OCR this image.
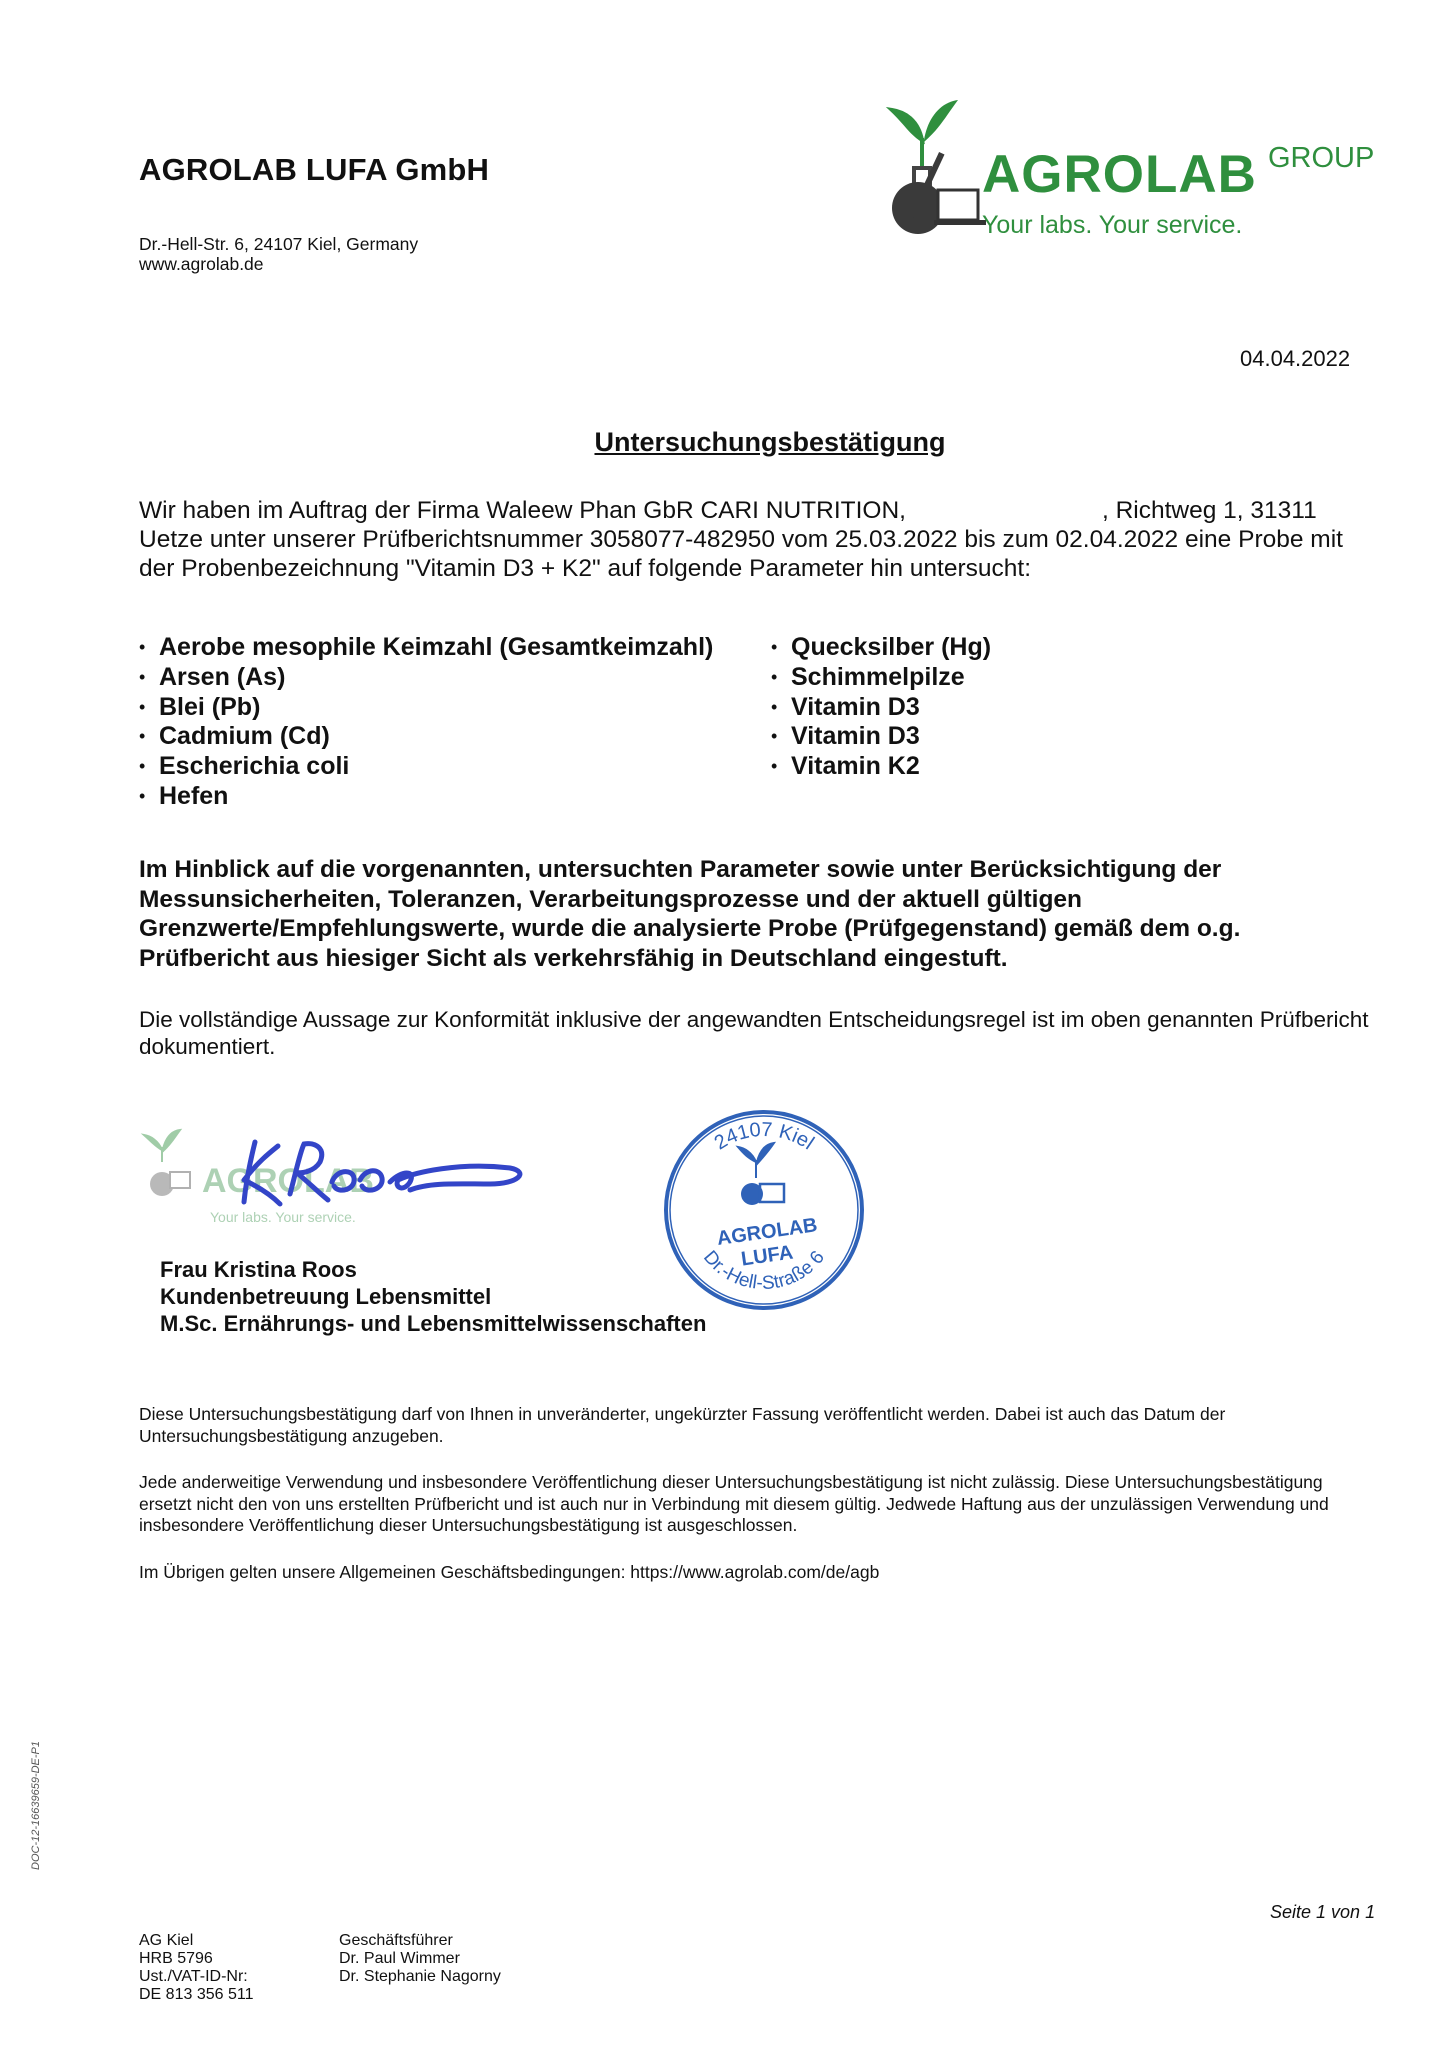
AGROLAB LUFA GmbH
Dr.-Hell-Str. 6, 24107 Kiel, Germany
www.agrolab.de
AGROLAB GROUP
Your labs. Your service.
04.04.2022
Untersuchungsbestätigung
Wir haben im Auftrag der Firma Waleew Phan GbR CARI NUTRITION,	, Richtweg 1, 31311 Uetze unter unserer Prüfberichtsnummer 3058077-482950 vom 25.03.2022 bis zum 02.04.2022 eine Probe mit der Probenbezeichnung "Vitamin D3 + K2" auf folgende Parameter hin untersucht:
• Aerobe mesophile Keimzahl (Gesamtkeimzahl)
• Arsen (As)
• Blei (Pb)
• Cadmium (Cd)
• Escherichia coli
• Hefen
• Quecksilber (Hg)
• Schimmelpilze
• Vitamin D3
• Vitamin D3
• Vitamin K2
Im Hinblick auf die vorgenannten, untersuchten Parameter sowie unter Berücksichtigung der Messunsicherheiten, Toleranzen, Verarbeitungsprozesse und der aktuell gültigen Grenzwerte/Empfehlungswerte, wurde die analysierte Probe (Prüfgegenstand) gemäß dem o.g. Prüfbericht aus hiesiger Sicht als verkehrsfähig in Deutschland eingestuft.
Die vollständige Aussage zur Konformität inklusive der angewandten Entscheidungsregel ist im oben genannten Prüfbericht dokumentiert.
AGROLAB
Your labs. Your service.
24107 Kiel
Dr.-Hell-Straße 6
AGROLAB
LUFA
Frau Kristina Roos
Kundenbetreuung Lebensmittel
M.Sc. Ernährungs- und Lebensmittelwissenschaften
Diese Untersuchungsbestätigung darf von Ihnen in unveränderter, ungekürzter Fassung veröffentlicht werden. Dabei ist auch das Datum der Untersuchungsbestätigung anzugeben.
Jede anderweitige Verwendung und insbesondere Veröffentlichung dieser Untersuchungsbestätigung ist nicht zulässig. Diese Untersuchungsbestätigung ersetzt nicht den von uns erstellten Prüfbericht und ist auch nur in Verbindung mit diesem gültig. Jedwede Haftung aus der unzulässigen Verwendung und insbesondere Veröffentlichung dieser Untersuchungsbestätigung ist ausgeschlossen.
Im Übrigen gelten unsere Allgemeinen Geschäftsbedingungen: https://www.agrolab.com/de/agb
DOC-12-16639659-DE-P1
Seite 1 von 1
AG Kiel
HRB 5796
Ust./VAT-ID-Nr:
DE 813 356 511
Geschäftsführer
Dr. Paul Wimmer
Dr. Stephanie Nagorny
